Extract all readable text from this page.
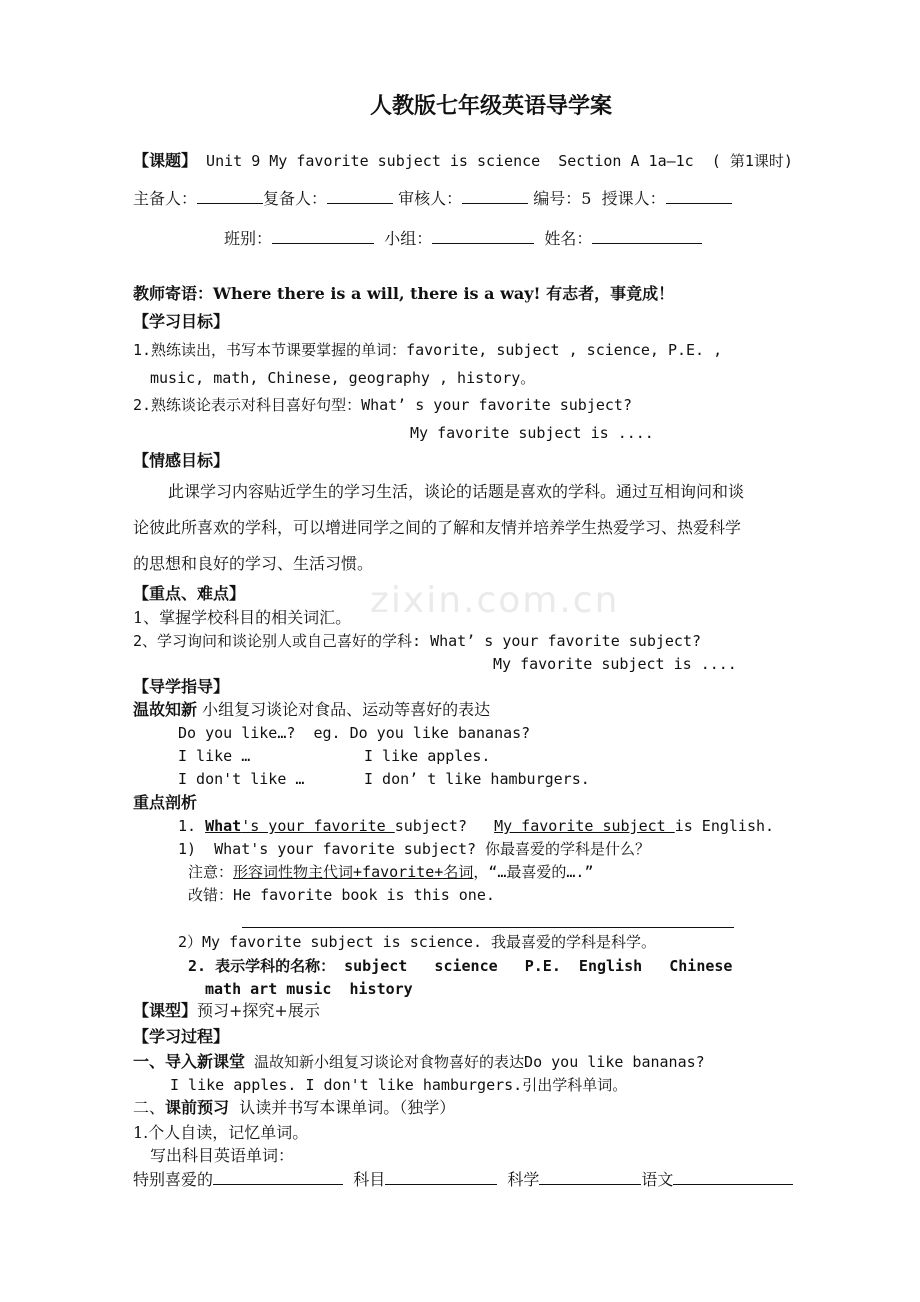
zixin.com.cn
人教版七年级英语导学案
【课题】 Unit 9 My favorite subject is science  Section A 1a—1c  ( 第1课时)
主备人：	复备人：	审核人：	编号：5 授课人：
班别：	小组：	姓名：
教师寄语：Where there is a will, there is a way! 有志者，事竟成！
【学习目标】
1.熟练读出，书写本节课要掌握的单词：favorite, subject , science, P.E. ,
music, math, Chinese, geography , history。
2.熟练谈论表示对科目喜好句型：What’ s your favorite subject?
My favorite subject is ....
【情感目标】
此课学习内容贴近学生的学习生活，谈论的话题是喜欢的学科。通过互相询问和谈
论彼此所喜欢的学科，可以增进同学之间的了解和友情并培养学生热爱学习、热爱科学
的思想和良好的学习、生活习惯。
【重点、难点】
1、掌握学校科目的相关词汇。
2、学习询问和谈论别人或自己喜好的学科: What’ s your favorite subject?
My favorite subject is ....
【导学指导】
温故知新 小组复习谈论对食品、运动等喜好的表达
Do you like…?  eg. Do you like bananas?
I like …	I like apples.
I don't like …	I don’ t like hamburgers.
重点剖析
1. What's your favorite subject?   My favorite subject is English.
1)  What's your favorite subject? 你最喜爱的学科是什么？
注意：形容词性物主代词+favorite+名词，“…最喜爱的….”
改错：He favorite book is this one.
2）My favorite subject is science. 我最喜爱的学科是科学。
2. 表示学科的名称： subject   science   P.E.  English   Chinese
math art music  history
【课型】预习+探究+展示
【学习过程】
一、导入新课堂 温故知新小组复习谈论对食物喜好的表达Do you like bananas?
I like apples. I don't like hamburgers.引出学科单词。
二、课前预习  认读并书写本课单词。（独学）
1.个人自读，记忆单词。
写出科目英语单词：
特别喜爱的	科目	科学	语文
